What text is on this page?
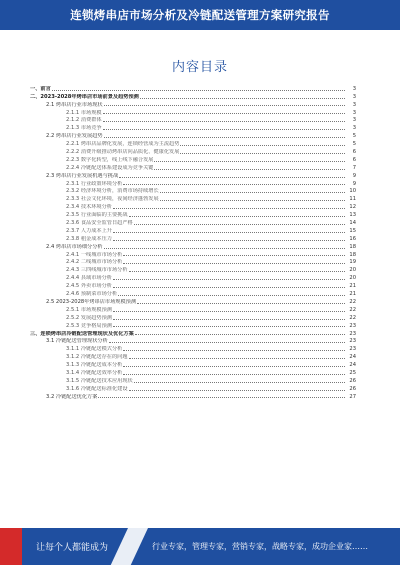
连锁烤串店市场分析及冷链配送管理方案研究报告
内容目录
一、前言	3
二、2023-2028年烤串店市场前景及趋势预测	3
2.1 烤串店行业市场现状	3
2.1.1 市场规模	3
2.1.2 消费群体	3
2.1.3 市场竞争	3
2.2 烤串店行业发展趋势	5
2.2.1 烤串店品牌化发展，连锁经营成为主流趋势	5
2.2.2 消费升级推动烤串店向品质化、健康化发展	6
2.2.3 数字化转型，线上线下融合发展	6
2.2.4 冷链配送体系建设成为竞争关键	7
2.3 烤串店行业发展机遇与挑战	9
2.3.1 行业政策环境分析	9
2.3.2 经济环境分析，消费市场持续增长	10
2.3.3 社会文化环境，夜间经济蓬勃发展	11
2.3.4 技术环境分析	12
2.3.5 行业面临的主要挑战	13
2.3.6 食品安全监管日趋严格	14
2.3.7 人力成本上升	15
2.3.8 租金成本压力	16
2.4 烤串店市场细分分析	18
2.4.1 一线城市市场分析	18
2.4.2 二线城市市场分析	19
2.4.3 三四线城市市场分析	20
2.4.4 县域市场分析	20
2.4.5 外卖市场分析	21
2.4.6 预制菜市场分析	21
2.5 2023-2028年烤串店市场规模预测	22
2.5.1 市场规模预测	22
2.5.2 发展趋势预测	22
2.5.3 竞争格局预测	23
三、连锁烤串店冷链配送管理现状及优化方案	23
3.1 冷链配送管理现状分析	23
3.1.1 冷链配送模式分析	23
3.1.2 冷链配送存在的问题	24
3.1.3 冷链配送成本分析	24
3.1.4 冷链配送效率分析	25
3.1.5 冷链配送技术应用现状	26
3.1.6 冷链配送标准化建设	26
3.2 冷链配送优化方案	27
让每个人都能成为	行业专家，管理专家，营销专家，战略专家，成功企业家……
